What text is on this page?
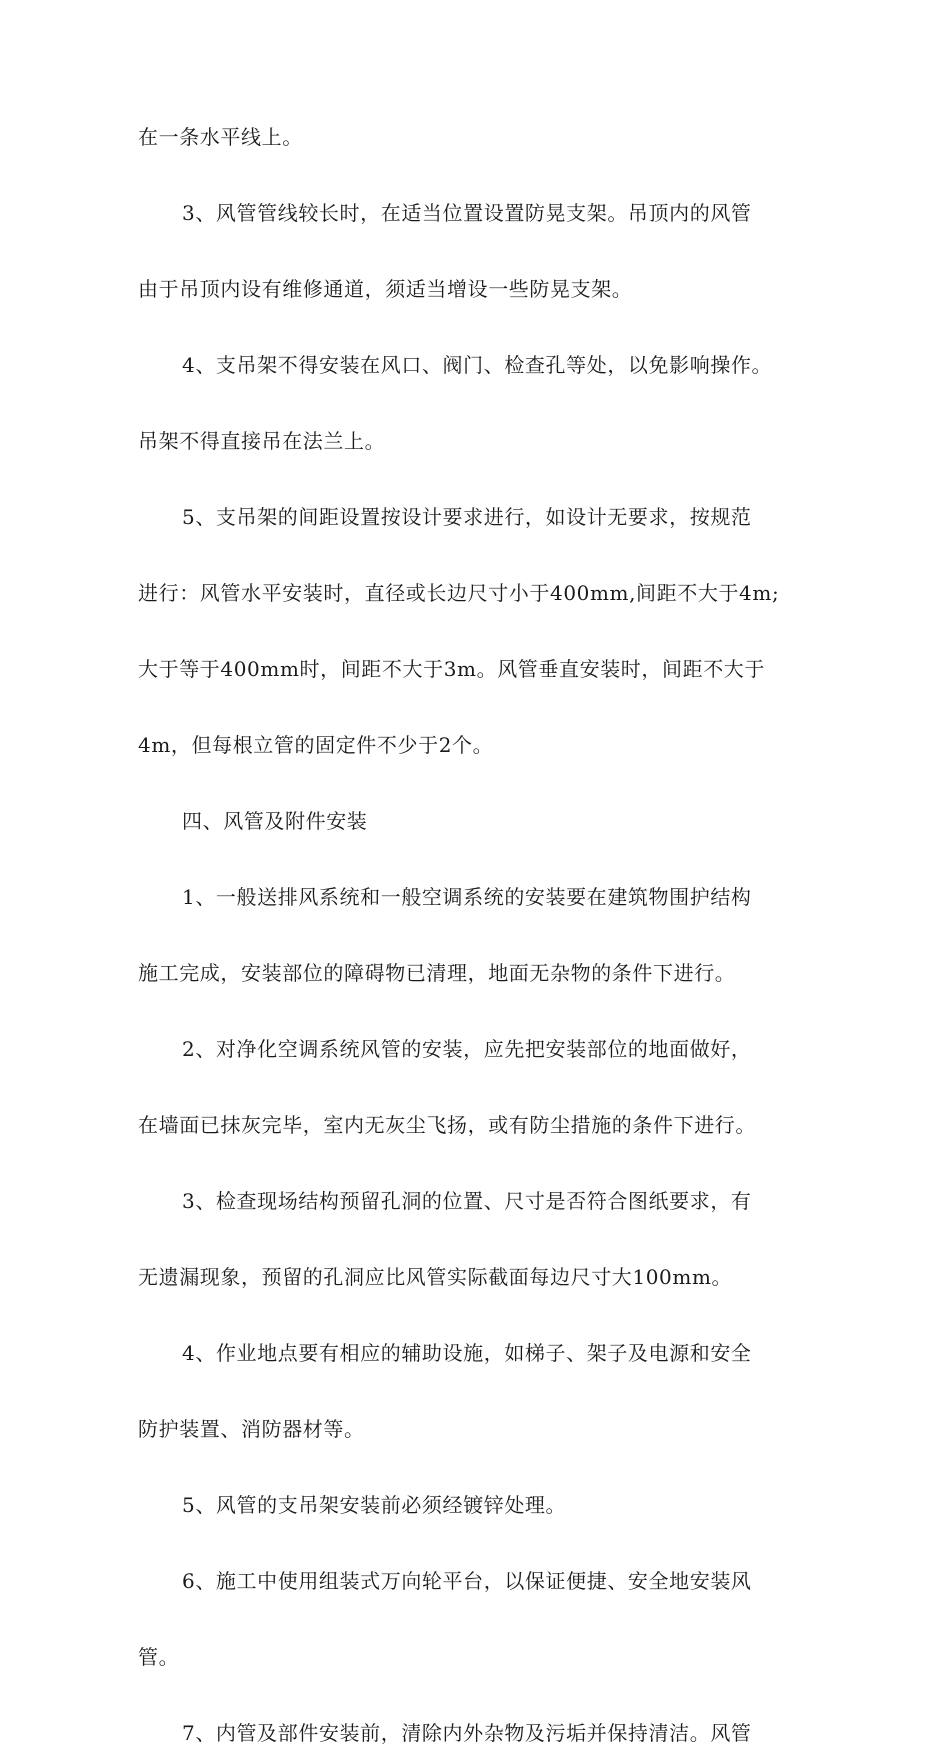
在一条水平线上。
3、风管管线较长时，在适当位置设置防晃支架。吊顶内的风管
由于吊顶内设有维修通道，须适当增设一些防晃支架。
4、支吊架不得安装在风口、阀门、检查孔等处，以免影响操作。
吊架不得直接吊在法兰上。
5、支吊架的间距设置按设计要求进行，如设计无要求，按规范
进行：风管水平安装时，直径或长边尺寸小于400mm,间距不大于4m;
大于等于400mm时，间距不大于3m。风管垂直安装时，间距不大于
4m，但每根立管的固定件不少于2个。
四、风管及附件安装
1、一般送排风系统和一般空调系统的安装要在建筑物围护结构
施工完成，安装部位的障碍物已清理，地面无杂物的条件下进行。
2、对净化空调系统风管的安装，应先把安装部位的地面做好，
在墙面已抹灰完毕，室内无灰尘飞扬，或有防尘措施的条件下进行。
3、检查现场结构预留孔洞的位置、尺寸是否符合图纸要求，有
无遗漏现象，预留的孔洞应比风管实际截面每边尺寸大100mm。
4、作业地点要有相应的辅助设施，如梯子、架子及电源和安全
防护装置、消防器材等。
5、风管的支吊架安装前必须经镀锌处理。
6、施工中使用组装式万向轮平台，以保证便捷、安全地安装风
管。
7、内管及部件安装前，清除内外杂物及污垢并保持清洁。风管
